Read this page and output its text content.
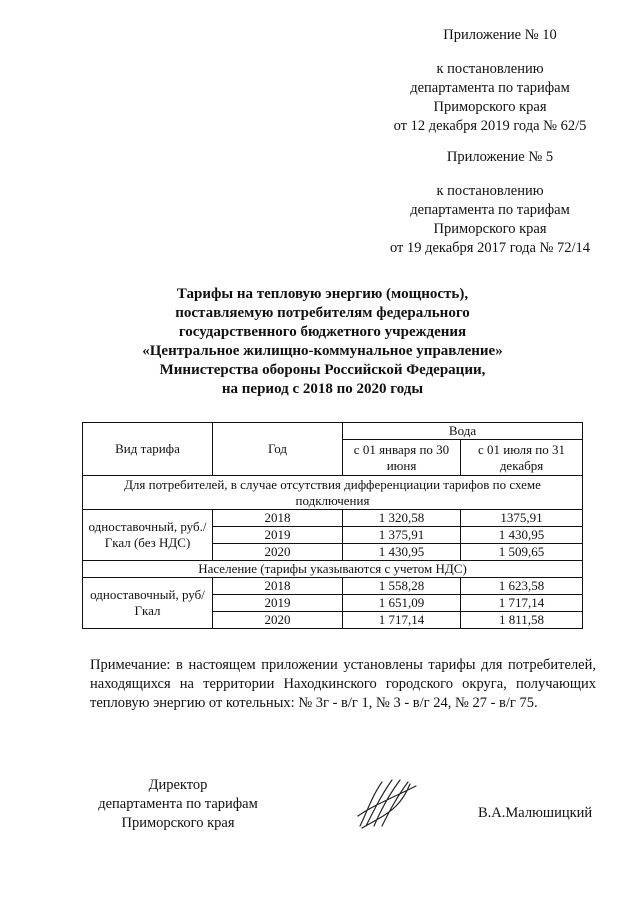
Приложение № 10
к постановлению
департамента по тарифам
Приморского края
от 12 декабря 2019 года № 62/5
Приложение № 5
к постановлению
департамента по тарифам
Приморского края
от 19 декабря 2017 года № 72/14
Тарифы на тепловую энергию (мощность),
поставляемую потребителям федерального
государственного бюджетного учреждения
«Центральное жилищно-коммунальное управление»
Министерства обороны Российской Федерации,
на период с 2018 по 2020 годы
Вид тарифа	Год	Вода	
		с 01 января по 30 июня	с 01 июля по 31 декабря
Для потребителей, в случае отсутствия дифференциации тарифов по схеме подключения			
одноставочный, руб./Гкал (без НДС)	2018	1 320,58	1375,91
	2019	1 375,91	1 430,95
	2020	1 430,95	1 509,65
Население (тарифы указываются с учетом НДС)			
одноставочный, руб/Гкал	2018	1 558,28	1 623,58
	2019	1 651,09	1 717,14
	2020	1 717,14	1 811,58
Примечание: в настоящем приложении установлены тарифы для потребителей, находящихся на территории Находкинского городского округа, получающих тепловую энергию от котельных: № 3г - в/г 1, № 3 - в/г 24, № 27 - в/г 75.
Директор
департамента по тарифам
Приморского края
В.А.Малюшицкий
